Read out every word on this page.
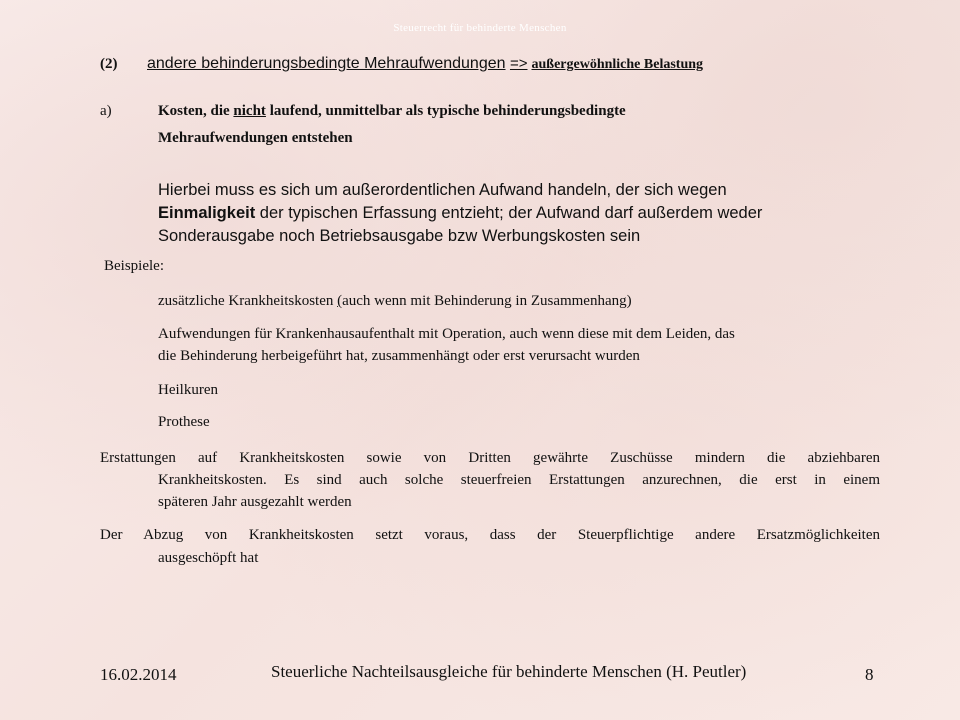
Steuerrecht für behinderte Menschen
(2) andere behinderungsbedingte Mehraufwendungen => außergewöhnliche Belastung
a)	Kosten, die nicht laufend, unmittelbar als typische behinderungsbedingte
Mehraufwendungen entstehen
Hierbei muss es sich um außerordentlichen Aufwand handeln, der sich wegen
Einmaligkeit der typischen Erfassung entzieht; der Aufwand darf außerdem weder
Sonderausgabe noch Betriebsausgabe bzw Werbungskosten sein
Beispiele:
zusätzliche Krankheitskosten (auch wenn mit Behinderung in Zusammenhang)
Aufwendungen für Krankenhausaufenthalt mit Operation, auch wenn diese mit dem Leiden, das
die Behinderung herbeigeführt hat, zusammenhängt oder erst verursacht wurden
Heilkuren
Prothese
Erstattungen auf Krankheitskosten sowie von Dritten gewährte Zuschüsse mindern die abziehbaren
Krankheitskosten. Es sind auch solche steuerfreien Erstattungen anzurechnen, die erst in einem
späteren Jahr ausgezahlt werden
Der Abzug von Krankheitskosten setzt voraus, dass der Steuerpflichtige andere Ersatzmöglichkeiten
ausgeschöpft hat
16.02.2014	Steuerliche Nachteilsausgleiche für behinderte Menschen (H. Peutler)	8
